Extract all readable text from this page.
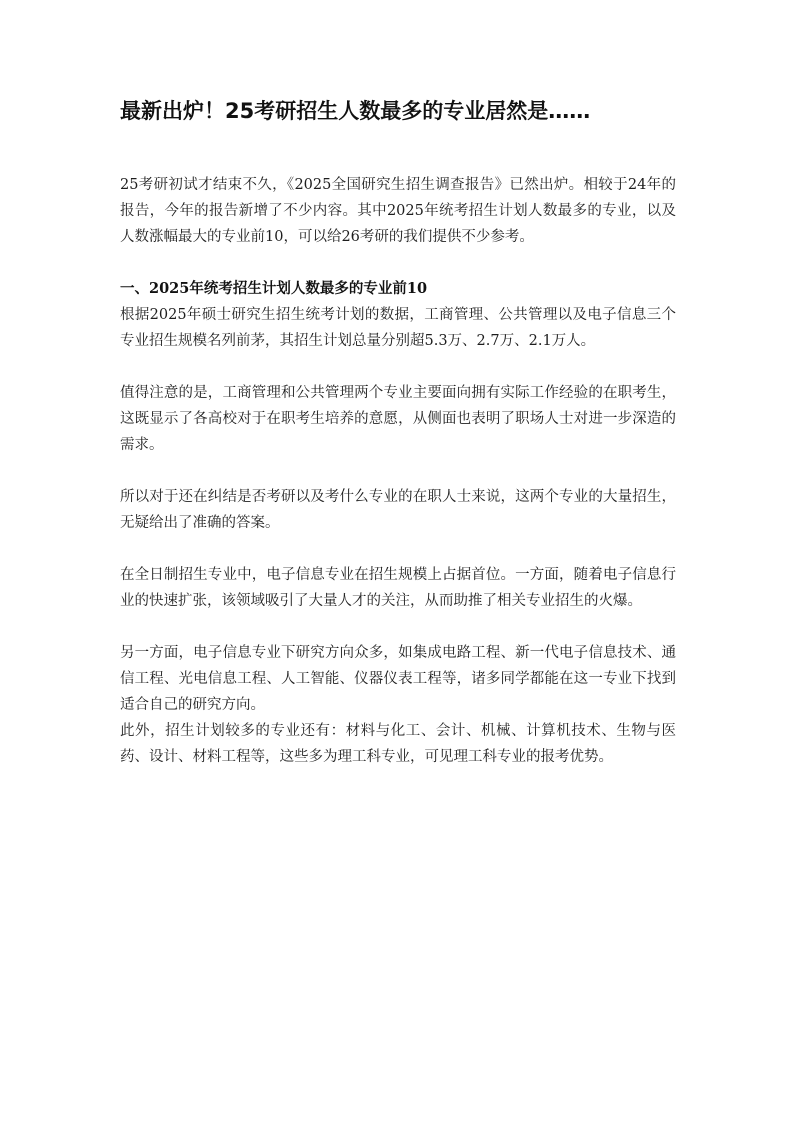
最新出炉！25考研招生人数最多的专业居然是……

25考研初试才结束不久，《2025全国研究生招生调查报告》已然出炉。相较于24年的报告，今年的报告新增了不少内容。其中2025年统考招生计划人数最多的专业，以及人数涨幅最大的专业前10，可以给26考研的我们提供不少参考。

一、2025年统考招生计划人数最多的专业前10

根据2025年硕士研究生招生统考计划的数据，工商管理、公共管理以及电子信息三个专业招生规模名列前茅，其招生计划总量分别超5.3万、2.7万、2.1万人。

值得注意的是，工商管理和公共管理两个专业主要面向拥有实际工作经验的在职考生，这既显示了各高校对于在职考生培养的意愿，从侧面也表明了职场人士对进一步深造的需求。

所以对于还在纠结是否考研以及考什么专业的在职人士来说，这两个专业的大量招生，无疑给出了准确的答案。

在全日制招生专业中，电子信息专业在招生规模上占据首位。一方面，随着电子信息行业的快速扩张，该领域吸引了大量人才的关注，从而助推了相关专业招生的火爆。

另一方面，电子信息专业下研究方向众多，如集成电路工程、新一代电子信息技术、通信工程、光电信息工程、人工智能、仪器仪表工程等，诸多同学都能在这一专业下找到适合自己的研究方向。

此外，招生计划较多的专业还有：材料与化工、会计、机械、计算机技术、生物与医药、设计、材料工程等，这些多为理工科专业，可见理工科专业的报考优势。
